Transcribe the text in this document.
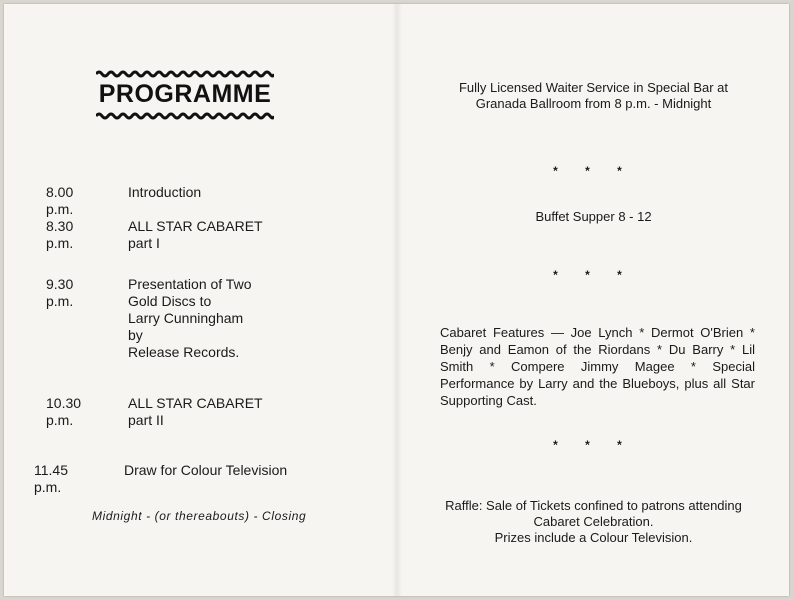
PROGRAMME
8.00 p.m.
Introduction
8.30 p.m.
ALL STAR CABARET
part I
9.30 p.m.
Presentation of Two
Gold Discs to
Larry Cunningham
by
Release Records.
10.30 p.m.
ALL STAR CABARET
part II
11.45 p.m.
Draw for Colour Television
Midnight - (or thereabouts) - Closing
Fully Licensed Waiter Service in Special Bar at
Granada Ballroom from 8 p.m. - Midnight
* * *
Buffet Supper 8 - 12
* * *
Cabaret Features — Joe Lynch * Dermot O'Brien * Benjy and Eamon of the Riordans * Du Barry * Lil Smith * Compere Jimmy Magee * Special Performance by Larry and the Blueboys, plus all Star Supporting Cast.
* * *
Raffle: Sale of Tickets confined to patrons attending
Cabaret Celebration.
Prizes include a Colour Television.
